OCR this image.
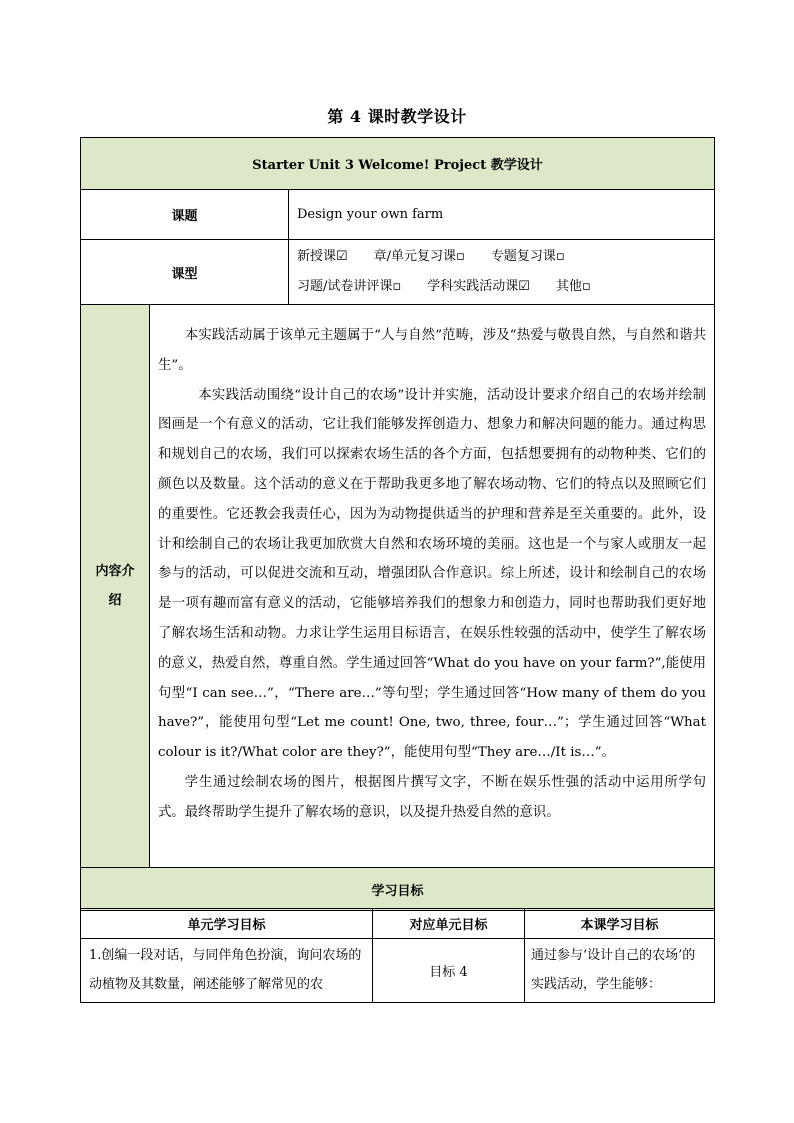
第 4 课时教学设计
Starter Unit 3 Welcome! Project 教学设计		
课题		Design your own farm
课型		新授课☑ 章/单元复习课▫ 专题复习课▫
习题/试卷讲评课▫ 学科实践活动课☑ 其他▫

内容介绍	本实践活动属于该单元主题属于“人与自然”范畴，涉及“热爱与敬畏自然，与自然和谐共生”。

本实践活动围绕“设计自己的农场”设计并实施，活动设计要求介绍自己的农场并绘制图画是一个有意义的活动，它让我们能够发挥创造力、想象力和解决问题的能力。通过构思和规划自己的农场，我们可以探索农场生活的各个方面，包括想要拥有的动物种类、它们的颜色以及数量。这个活动的意义在于帮助我更多地了解农场动物、它们的特点以及照顾它们的重要性。它还教会我责任心，因为为动物提供适当的护理和营养是至关重要的。此外，设计和绘制自己的农场让我更加欣赏大自然和农场环境的美丽。这也是一个与家人或朋友一起参与的活动，可以促进交流和互动，增强团队合作意识。综上所述，设计和绘制自己的农场是一项有趣而富有意义的活动，它能够培养我们的想象力和创造力，同时也帮助我们更好地了解农场生活和动物。力求让学生运用目标语言，在娱乐性较强的活动中，使学生了解农场的意义，热爱自然，尊重自然。学生通过回答“What do you have on your farm?”,能使用句型“I can see…”，“There are…”等句型；学生通过回答“How many of them do you have?”，能使用句型“Let me count! One, two, three, four…”；学生通过回答“What colour is it?/What color are they?”，能使用句型“They are…/It is…”。

学生通过绘制农场的图片，根据图片撰写文字，不断在娱乐性强的活动中运用所学句式。最终帮助学生提升了解农场的意识，以及提升热爱自然的意识。	

学习目标		
单元学习目标	对应单元目标	本课学习目标
1.创编一段对话，与同伴角色扮演，询问农场的动植物及其数量，阐述能够了解常见的农	目标 4	通过参与‘设计自己的农场’的实践活动，学生能够：
